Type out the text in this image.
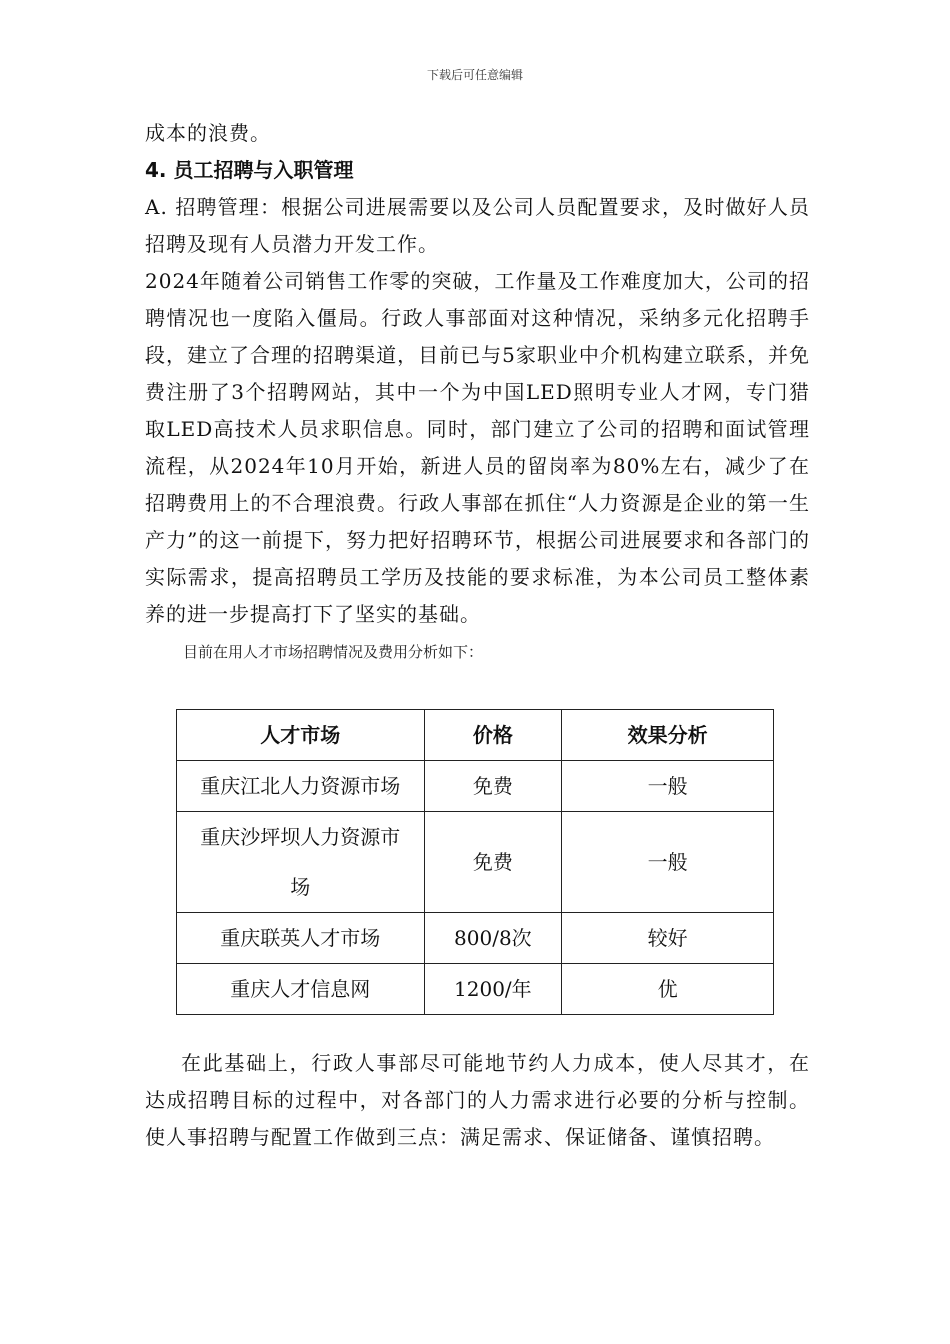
下载后可任意编辑

成本的浪费。

4. 员工招聘与入职管理

A. 招聘管理：根据公司进展需要以及公司人员配置要求，及时做好人员招聘及现有人员潜力开发工作。

2024年随着公司销售工作零的突破，工作量及工作难度加大，公司的招聘情况也一度陷入僵局。行政人事部面对这种情况，采纳多元化招聘手段，建立了合理的招聘渠道，目前已与5家职业中介机构建立联系，并免费注册了3个招聘网站，其中一个为中国LED照明专业人才网，专门猎取LED高技术人员求职信息。同时，部门建立了公司的招聘和面试管理流程，从2024年10月开始，新进人员的留岗率为80%左右，减少了在招聘费用上的不合理浪费。行政人事部在抓住“人力资源是企业的第一生产力”的这一前提下，努力把好招聘环节，根据公司进展要求和各部门的实际需求，提高招聘员工学历及技能的要求标准，为本公司员工整体素养的进一步提高打下了坚实的基础。

目前在用人才市场招聘情况及费用分析如下：

人才市场	价格	效果分析
重庆江北人力资源市场	免费	一般
重庆沙坪坝人力资源市场	免费	一般
重庆联英人才市场	800/8次	较好
重庆人才信息网	1200/年	优

在此基础上，行政人事部尽可能地节约人力成本，使人尽其才，在达成招聘目标的过程中，对各部门的人力需求进行必要的分析与控制。使人事招聘与配置工作做到三点：满足需求、保证储备、谨慎招聘。
